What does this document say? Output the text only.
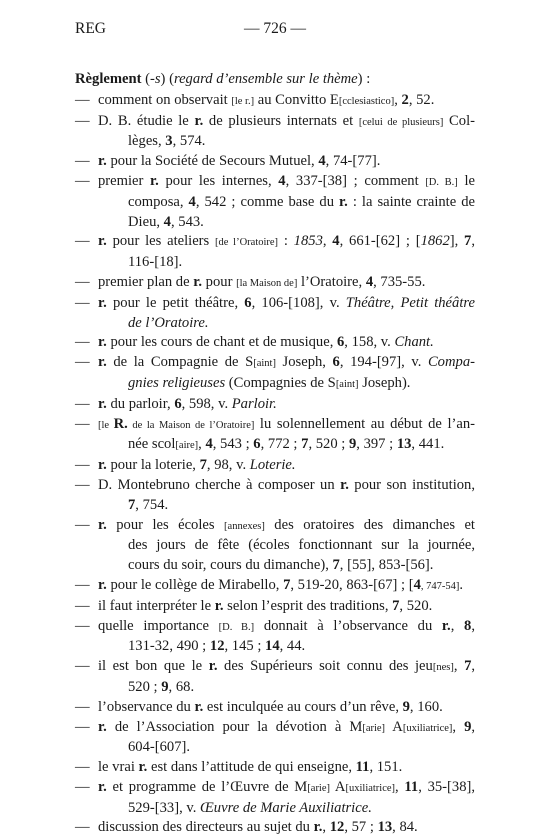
REG	— 726 —
Règlement (-s) (regard d’ensemble sur le thème) :
— comment on observait [le r.] au Convitto E[cclesiastico], 2, 52.
— D. B. étudie le r. de plusieurs internats et [celui de plusieurs] Col-
lèges, 3, 574.
— r. pour la Société de Secours Mutuel, 4, 74-[77].
— premier r. pour les internes, 4, 337-[38] ; comment [D. B.] le
composa, 4, 542 ; comme base du r. : la sainte crainte de
Dieu, 4, 543.
— r. pour les ateliers [de l’Oratoire] : 1853, 4, 661-[62] ; [1862], 7,
116-[18].
— premier plan de r. pour [la Maison de] l’Oratoire, 4, 735-55.
— r. pour le petit théâtre, 6, 106-[108], v. Théâtre, Petit théâtre
de l’Oratoire.
— r. pour les cours de chant et de musique, 6, 158, v. Chant.
— r. de la Compagnie de S[aint] Joseph, 6, 194-[97], v. Compa-
gnies religieuses (Compagnies de S[aint] Joseph).
— r. du parloir, 6, 598, v. Parloir.
— [le R. de la Maison de l’Oratoire] lu solennellement au début de l’an-
née scol[aire], 4, 543 ; 6, 772 ; 7, 520 ; 9, 397 ; 13, 441.
— r. pour la loterie, 7, 98, v. Loterie.
— D. Montebruno cherche à composer un r. pour son institution,
7, 754.
— r. pour les écoles [annexes] des oratoires des dimanches et
des jours de fête (écoles fonctionnant sur la journée,
cours du soir, cours du dimanche), 7, [55], 853-[56].
— r. pour le collège de Mirabello, 7, 519-20, 863-[67] ; [4, 747-54].
— il faut interpréter le r. selon l’esprit des traditions, 7, 520.
— quelle importance [D. B.] donnait à l’observance du r., 8,
131-32, 490 ; 12, 145 ; 14, 44.
— il est bon que le r. des Supérieurs soit connu des jeu[nes], 7,
520 ; 9, 68.
— l’observance du r. est inculquée au cours d’un rêve, 9, 160.
— r. de l’Association pour la dévotion à M[arie] A[uxiliatrice], 9,
604-[607].
— le vrai r. est dans l’attitude de qui enseigne, 11, 151.
— r. et programme de l’Œuvre de M[arie] A[uxiliatrice], 11, 35-[38],
529-[33], v. Œuvre de Marie Auxiliatrice.
— discussion des directeurs au sujet du r., 12, 57 ; 13, 84.
